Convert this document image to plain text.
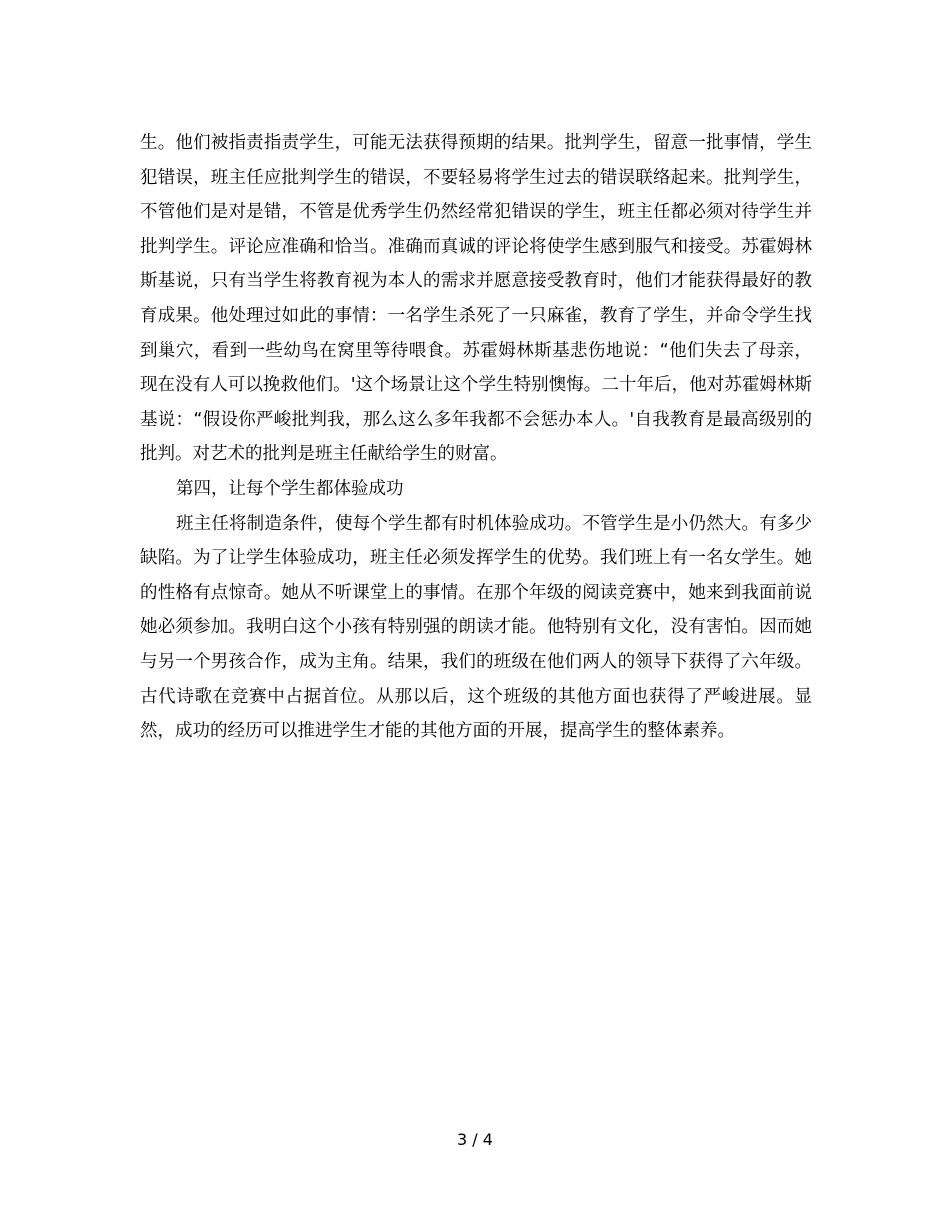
生。他们被指责指责学生，可能无法获得预期的结果。批判学生，留意一批事情，学生犯错误，班主任应批判学生的错误，不要轻易将学生过去的错误联络起来。批判学生，不管他们是对是错，不管是优秀学生仍然经常犯错误的学生，班主任都必须对待学生并批判学生。评论应准确和恰当。准确而真诚的评论将使学生感到服气和接受。苏霍姆林斯基说，只有当学生将教育视为本人的需求并愿意接受教育时，他们才能获得最好的教育成果。他处理过如此的事情：一名学生杀死了一只麻雀，教育了学生，并命令学生找到巢穴，看到一些幼鸟在窝里等待喂食。苏霍姆林斯基悲伤地说：“他们失去了母亲，现在没有人可以挽救他们。'这个场景让这个学生特别懊悔。二十年后，他对苏霍姆林斯基说：“假设你严峻批判我，那么这么多年我都不会惩办本人。'自我教育是最高级别的批判。对艺术的批判是班主任献给学生的财富。

第四，让每个学生都体验成功

班主任将制造条件，使每个学生都有时机体验成功。不管学生是小仍然大。有多少缺陷。为了让学生体验成功，班主任必须发挥学生的优势。我们班上有一名女学生。她的性格有点惊奇。她从不听课堂上的事情。在那个年级的阅读竞赛中，她来到我面前说她必须参加。我明白这个小孩有特别强的朗读才能。他特别有文化，没有害怕。因而她与另一个男孩合作，成为主角。结果，我们的班级在他们两人的领导下获得了六年级。古代诗歌在竞赛中占据首位。从那以后，这个班级的其他方面也获得了严峻进展。显然，成功的经历可以推进学生才能的其他方面的开展，提高学生的整体素养。

3 / 4
